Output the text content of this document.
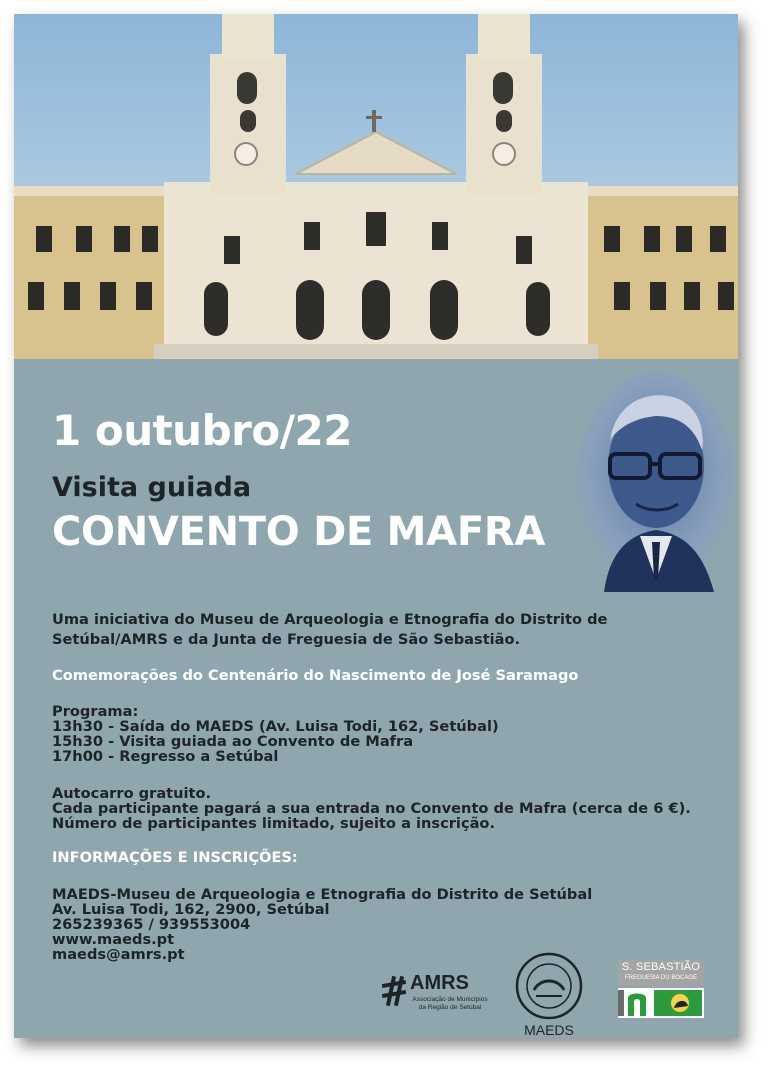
1 outubro/22
Visita guiada
CONVENTO DE MAFRA

Uma iniciativa do Museu de Arqueologia e Etnografia do Distrito de
Setúbal/AMRS e da Junta de Freguesia de São Sebastião.

Comemorações do Centenário do Nascimento de José Saramago

Programa:
13h30 - Saída do MAEDS (Av. Luisa Todi, 162, Setúbal)
15h30 - Visita guiada ao Convento de Mafra
17h00 - Regresso a Setúbal
Autocarro gratuito.
Cada participante pagará a sua entrada no Convento de Mafra (cerca de 6 €).
Número de participantes limitado, sujeito a inscrição.
INFORMAÇÕES E INSCRIÇÕES:
MAEDS-Museu de Arqueologia e Etnografia do Distrito de Setúbal
Av. Luisa Todi, 162, 2900, Setúbal
265239365 / 939553004
www.maeds.pt
maeds@amrs.pt
AMRS
Associação de Municípios da Região de Setúbal
MAEDS
S. SEBASTIÃO
FREGUESIA DU BOCAGE
